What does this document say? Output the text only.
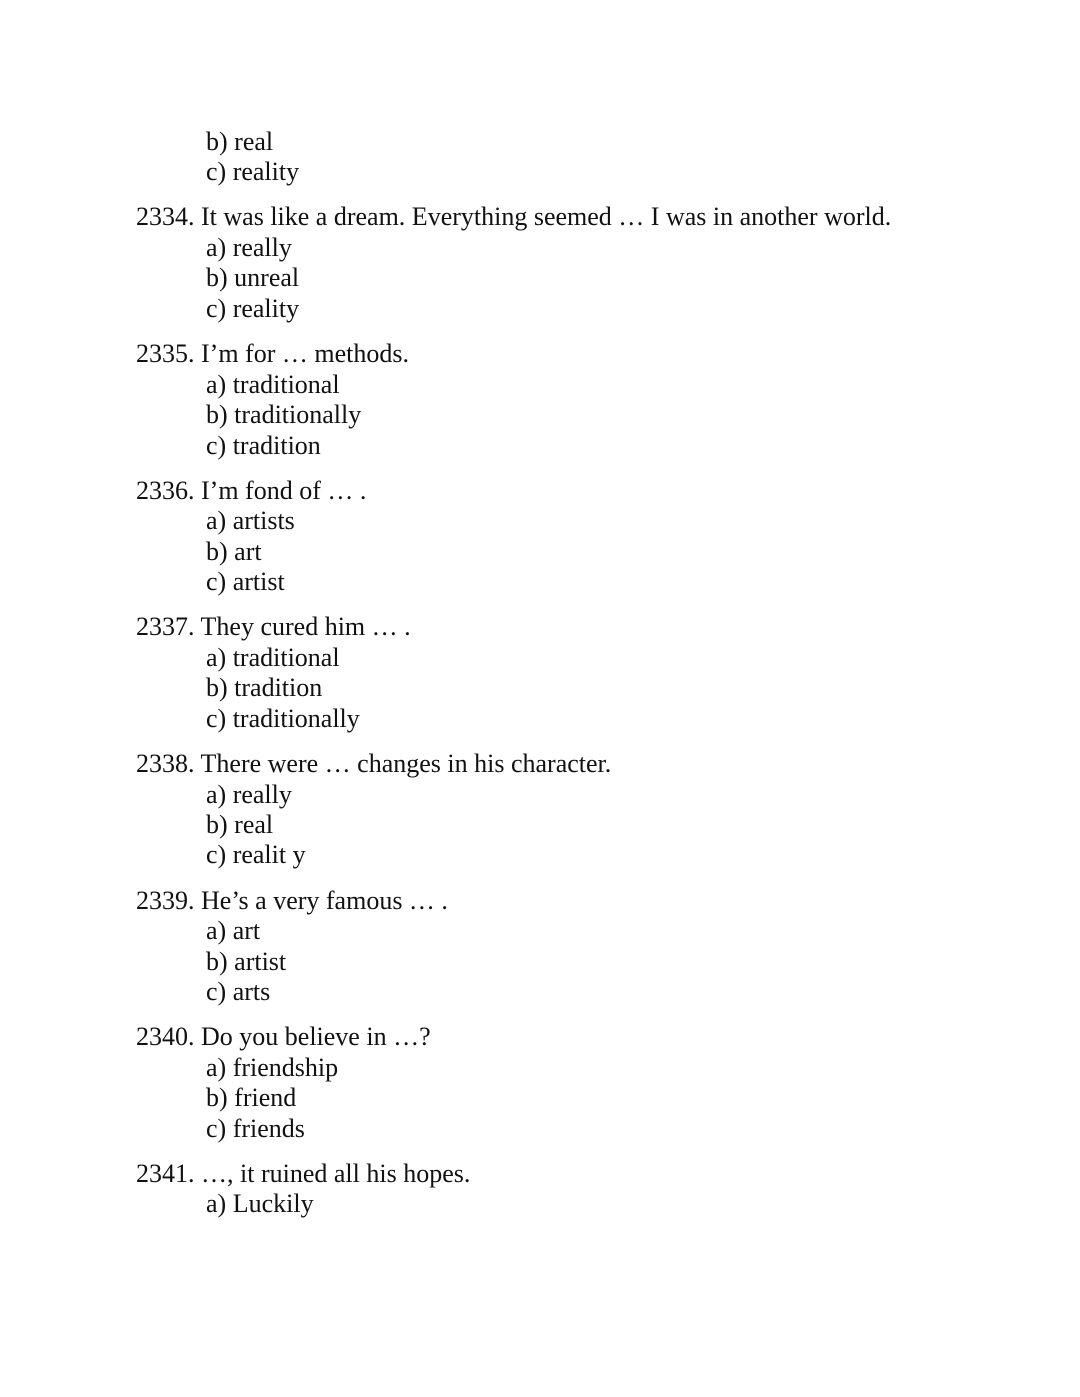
b) real
c) reality
2334. It was like a dream. Everything seemed … I was in another world.
a) really
b) unreal
c) reality
2335. I’m for … methods.
a) traditional
b) traditionally
c) tradition
2336. I’m fond of … .
a) artists
b) art
c) artist
2337. They cured him … .
a) traditional
b) tradition
c) traditionally
2338. There were … changes in his character.
a) really
b) real
c) realit y
2339. He’s a very famous … .
a) art
b) artist
c) arts
2340. Do you believe in …?
a) friendship
b) friend
c) friends
2341. …, it ruined all his hopes.
a) Luckily
